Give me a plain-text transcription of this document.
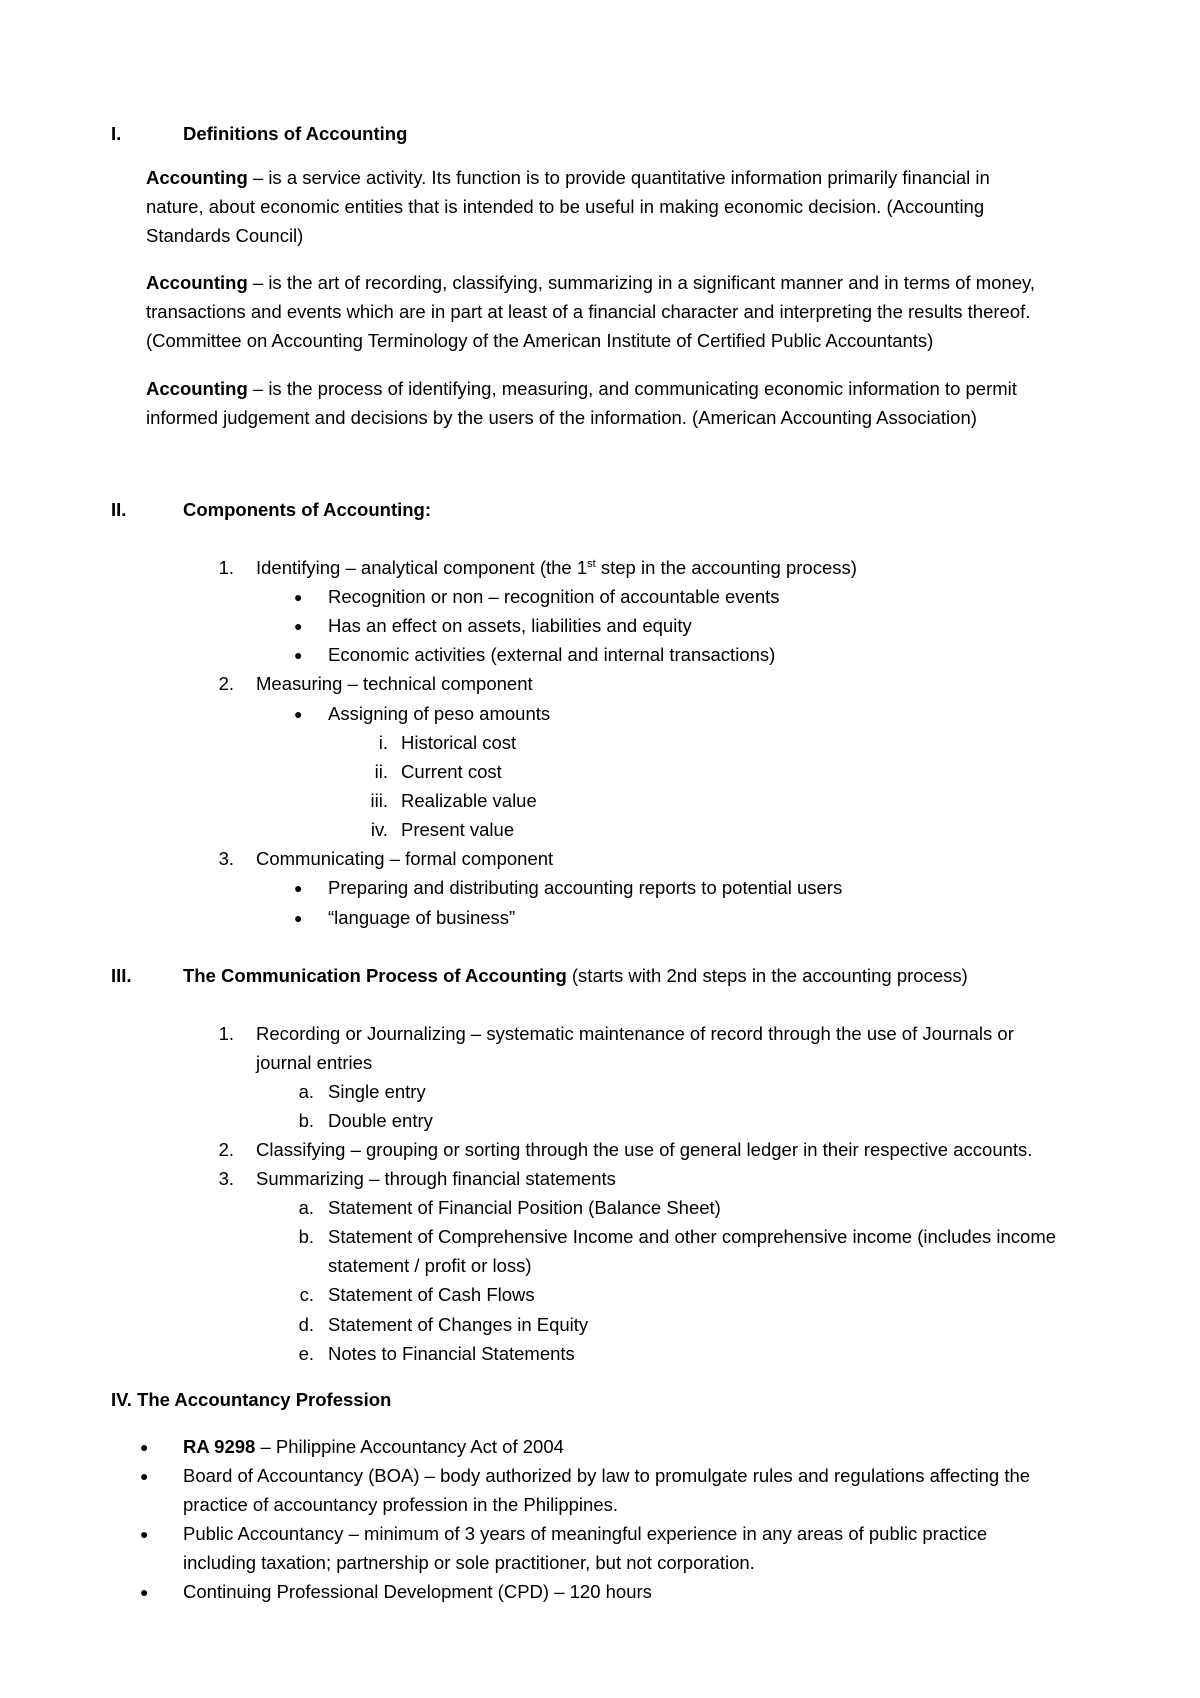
I.	Definitions of Accounting
Accounting – is a service activity. Its function is to provide quantitative information primarily financial in
nature, about economic entities that is intended to be useful in making economic decision. (Accounting
Standards Council)
Accounting – is the art of recording, classifying, summarizing in a significant manner and in terms of money,
transactions and events which are in part at least of a financial character and interpreting the results thereof.
(Committee on Accounting Terminology of the American Institute of Certified Public Accountants)
Accounting – is the process of identifying, measuring, and communicating economic information to permit
informed judgement and decisions by the users of the information. (American Accounting Association)
II.	Components of Accounting:
1. Identifying – analytical component (the 1st step in the accounting process)
● Recognition or non – recognition of accountable events
● Has an effect on assets, liabilities and equity
● Economic activities (external and internal transactions)
2. Measuring – technical component
● Assigning of peso amounts
i. Historical cost
ii. Current cost
iii. Realizable value
iv. Present value
3. Communicating – formal component
● Preparing and distributing accounting reports to potential users
● “language of business”
III.	The Communication Process of Accounting (starts with 2nd steps in the accounting process)
1. Recording or Journalizing – systematic maintenance of record through the use of Journals or
journal entries
a. Single entry
b. Double entry
2. Classifying – grouping or sorting through the use of general ledger in their respective accounts.
3. Summarizing – through financial statements
a. Statement of Financial Position (Balance Sheet)
b. Statement of Comprehensive Income and other comprehensive income (includes income
statement / profit or loss)
c. Statement of Cash Flows
d. Statement of Changes in Equity
e. Notes to Financial Statements
IV. The Accountancy Profession
● RA 9298 – Philippine Accountancy Act of 2004
● Board of Accountancy (BOA) – body authorized by law to promulgate rules and regulations affecting the
practice of accountancy profession in the Philippines.
● Public Accountancy – minimum of 3 years of meaningful experience in any areas of public practice
including taxation; partnership or sole practitioner, but not corporation.
● Continuing Professional Development (CPD) – 120 hours
